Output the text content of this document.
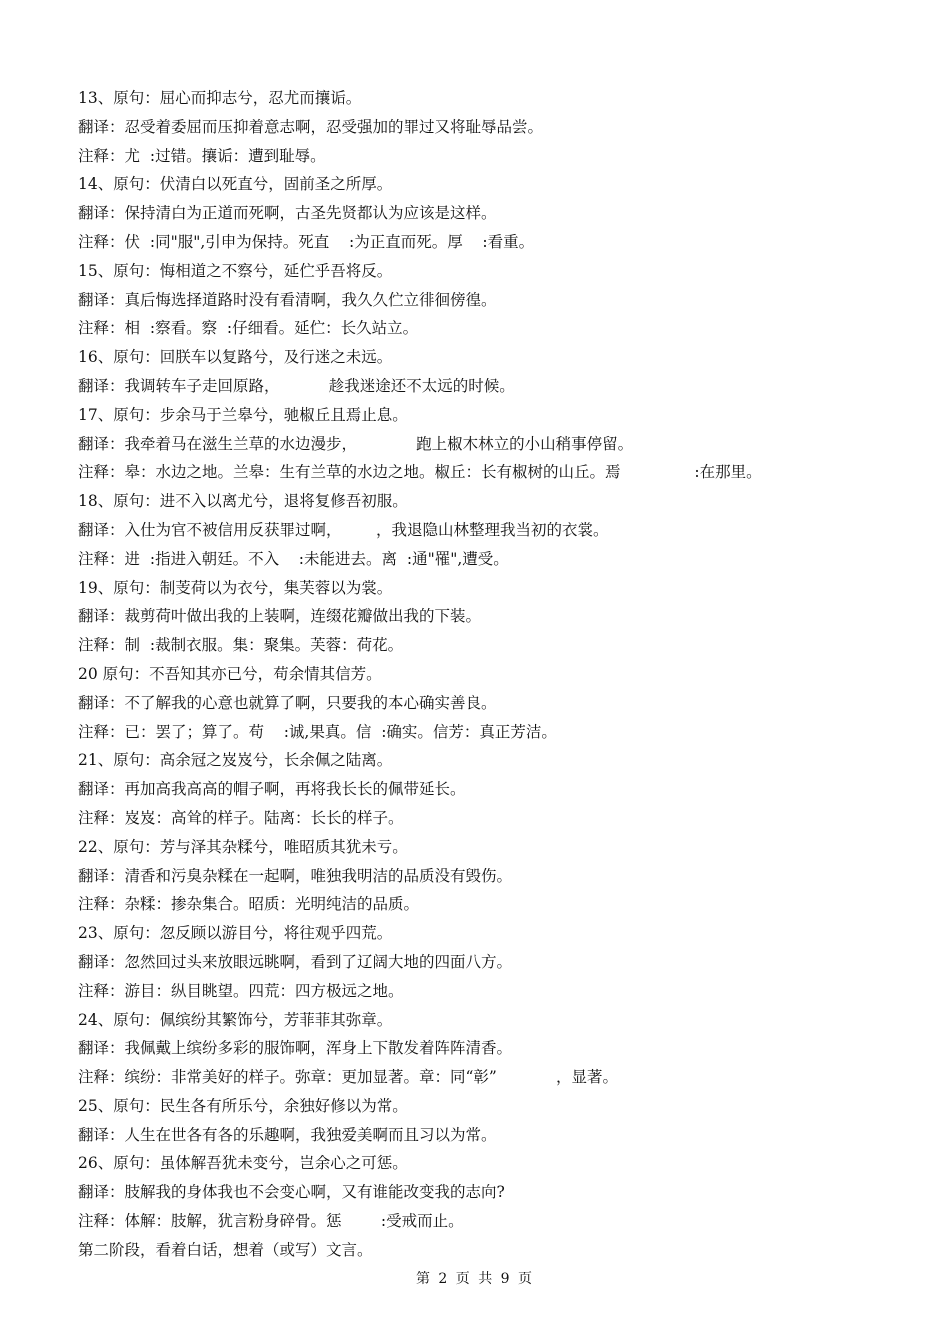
13、原句：屈心而抑志兮，忍尤而攘诟。
翻译：忍受着委屈而压抑着意志啊，忍受强加的罪过又将耻辱品尝。
注释：尤  :过错。攘诟：遭到耻辱。
14、原句：伏清白以死直兮，固前圣之所厚。
翻译：保持清白为正道而死啊，古圣先贤都认为应该是这样。
注释：伏  :同"服",引申为保持。死直    :为正直而死。厚    :看重。
15、原句：悔相道之不察兮，延伫乎吾将反。
翻译：真后悔选择道路时没有看清啊，我久久伫立徘徊傍徨。
注释：相  :察看。察  :仔细看。延伫：长久站立。
16、原句：回朕车以复路兮，及行迷之未远。
翻译：我调转车子走回原路，          趁我迷途还不太远的时候。
17、原句：步余马于兰皋兮，驰椒丘且焉止息。
翻译：我牵着马在滋生兰草的水边漫步，            跑上椒木林立的小山稍事停留。
注释：皋：水边之地。兰皋：生有兰草的水边之地。椒丘：长有椒树的山丘。焉               :在那里。
18、原句：进不入以离尤兮，退将复修吾初服。
翻译：入仕为官不被信用反获罪过啊，       ，我退隐山林整理我当初的衣裳。
注释：进  :指进入朝廷。不入    :未能进去。离  :通"罹",遭受。
19、原句：制芰荷以为衣兮，集芙蓉以为裳。
翻译：裁剪荷叶做出我的上装啊，连缀花瓣做出我的下装。
注释：制  :裁制衣服。集：聚集。芙蓉：荷花。
20 原句：不吾知其亦已兮，苟余情其信芳。
翻译：不了解我的心意也就算了啊，只要我的本心确实善良。
注释：已：罢了；算了。苟    :诚,果真。信  :确实。信芳：真正芳洁。
21、原句：高余冠之岌岌兮，长余佩之陆离。
翻译：再加高我高高的帽子啊，再将我长长的佩带延长。
注释：岌岌：高耸的样子。陆离：长长的样子。
22、原句：芳与泽其杂糅兮，唯昭质其犹未亏。
翻译：清香和污臭杂糅在一起啊，唯独我明洁的品质没有毁伤。
注释：杂糅：掺杂集合。昭质：光明纯洁的品质。
23、原句：忽反顾以游目兮，将往观乎四荒。
翻译：忽然回过头来放眼远眺啊，看到了辽阔大地的四面八方。
注释：游目：纵目眺望。四荒：四方极远之地。
24、原句：佩缤纷其繁饰兮，芳菲菲其弥章。
翻译：我佩戴上缤纷多彩的服饰啊，浑身上下散发着阵阵清香。
注释：缤纷：非常美好的样子。弥章：更加显著。章：同“彰”            ，显著。
25、原句：民生各有所乐兮，余独好修以为常。
翻译：人生在世各有各的乐趣啊，我独爱美啊而且习以为常。
26、原句：虽体解吾犹未变兮，岂余心之可惩。
翻译：肢解我的身体我也不会变心啊，又有谁能改变我的志向?
注释：体解：肢解，犹言粉身碎骨。惩        :受戒而止。
第二阶段，看着白话，想着（或写）文言。
第 2 页 共 9 页
